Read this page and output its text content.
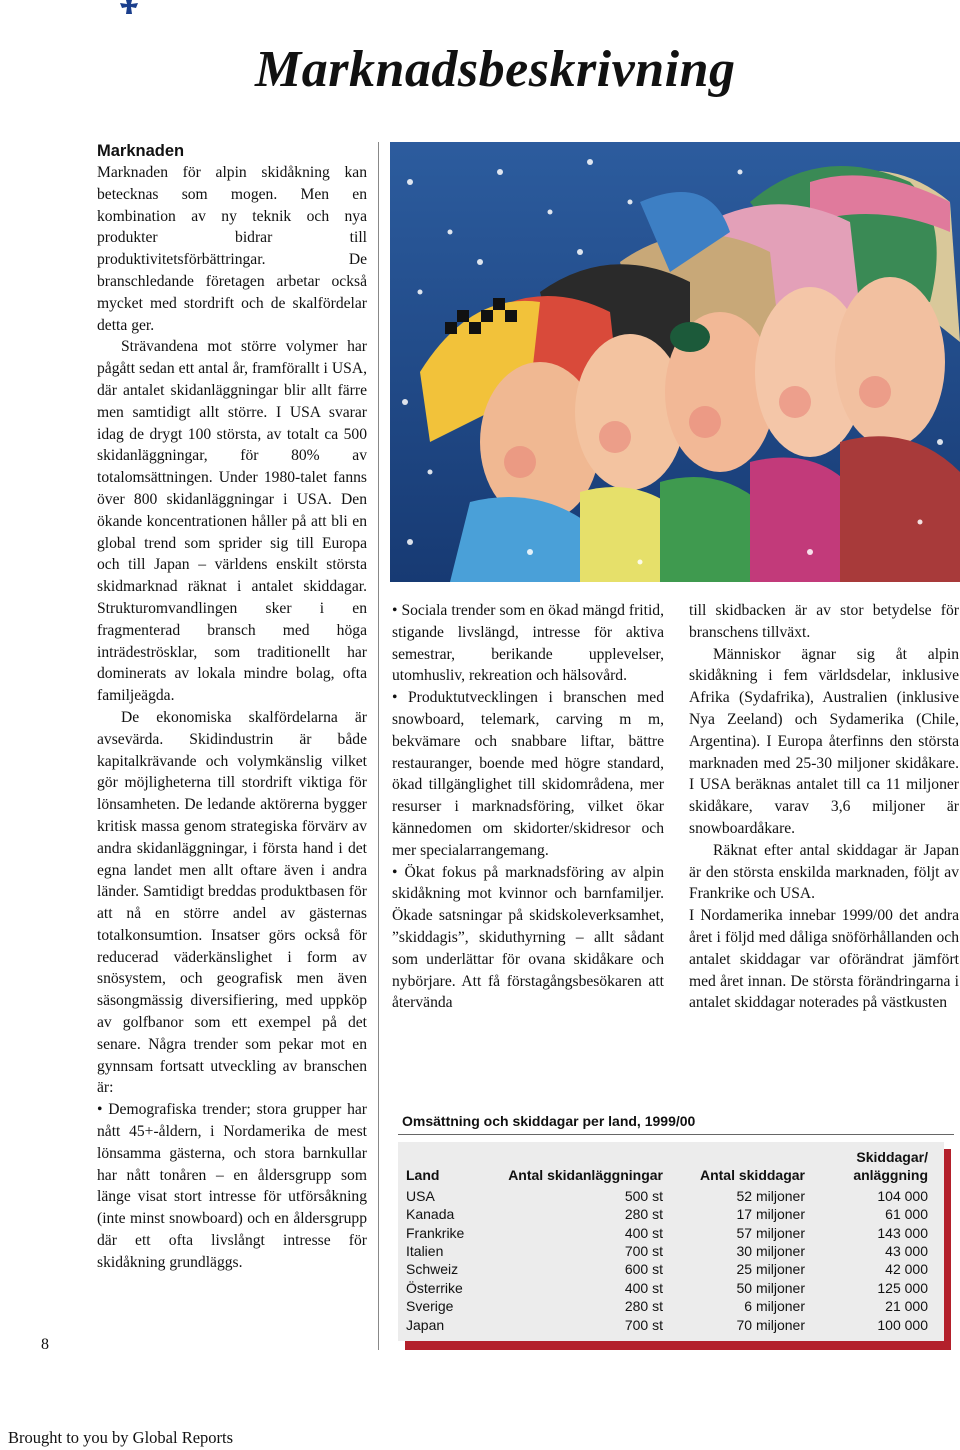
Marknadsbeskrivning
Marknaden

Marknaden för alpin skidåkning kan betecknas som mogen. Men en kombination av ny teknik och nya produkter bidrar till produktivitetsförbättringar. De branschledande företagen arbetar också mycket med stordrift och de skalfördelar detta ger.

Strävandena mot större volymer har pågått sedan ett antal år, framförallt i USA, där antalet skidanläggningar blir allt färre men samtidigt allt större. I USA svarar idag de drygt 100 största, av totalt ca 500 skidanläggningar, för 80% av totalomsättningen. Under 1980-talet fanns över 800 skidanläggningar i USA. Den ökande koncentrationen håller på att bli en global trend som sprider sig till Europa och till Japan – världens enskilt största skidmarknad räknat i antalet skiddagar. Strukturomvandlingen sker i en fragmenterad bransch med höga inträdeströsklar, som traditionellt har dominerats av lokala mindre bolag, ofta familjeägda.

De ekonomiska skalfördelarna är avsevärda. Skidindustrin är både kapitalkrävande och volymkänslig vilket gör möjligheterna till stordrift viktiga för lönsamheten. De ledande aktörerna bygger kritisk massa genom strategiska förvärv av andra skidanläggningar, i första hand i det egna landet men allt oftare även i andra länder. Samtidigt breddas produktbasen för att nå en större andel av gästernas totalkonsumtion. Insatser görs också för reducerad väderkänslighet i form av snösystem, och geografisk men även säsongmässig diversifiering, med uppköp av golfbanor som ett exempel på det senare. Några trender som pekar mot en gynnsam fortsatt utveckling av branschen är:

• Demografiska trender; stora grupper har nått 45+-åldern, i Nordamerika de mest lönsamma gästerna, och stora barnkullar har nått tonåren – en åldersgrupp som länge visat stort intresse för utförsåkning (inte minst snowboard) och en åldersgrupp där ett ofta livslångt intresse för skidåkning grundläggs.

• Sociala trender som en ökad mängd fritid, stigande livslängd, intresse för aktiva semestrar, berikande upplevelser, utomhusliv, rekreation och hälsovård.

• Produktutvecklingen i branschen med snowboard, telemark, carving m m, bekvämare och snabbare liftar, bättre restauranger, boende med högre standard, ökad tillgänglighet till skidområdena, mer resurser i marknadsföring, vilket ökar kännedomen om skidorter/skidresor och mer specialarrangemang.

• Ökat fokus på marknadsföring av alpin skidåkning mot kvinnor och barnfamiljer. Ökade satsningar på skidskoleverksamhet, ”skiddagis”, skiduthyrning – allt sådant som underlättar för ovana skidåkare och nybörjare. Att få förstagångsbesökaren att återvända

till skidbacken är av stor betydelse för branschens tillväxt.

Människor ägnar sig åt alpin skidåkning i fem världsdelar, inklusive Afrika (Sydafrika), Australien (inklusive Nya Zeeland) och Sydamerika (Chile, Argentina). I Europa återfinns den största marknaden med 25-30 miljoner skidåkare. I USA beräknas antalet till ca 11 miljoner skidåkare, varav 3,6 miljoner är snowboardåkare.

Räknat efter antal skiddagar är Japan är den största enskilda marknaden, följt av Frankrike och USA.

I Nordamerika innebar 1999/00 det andra året i följd med dåliga snöförhållanden och antalet skiddagar var oförändrat jämfört med året innan. De största förändringarna i antalet skiddagar noterades på västkusten

Omsättning och skiddagar per land, 1999/00
Land	Antal skidanläggningar	Antal skiddagar	Skiddagar/ anläggning
USA	500 st	52 miljoner	104 000
Kanada	280 st	17 miljoner	61 000
Frankrike	400 st	57 miljoner	143 000
Italien	700 st	30 miljoner	43 000
Schweiz	600 st	25 miljoner	42 000
Österrike	400 st	50 miljoner	125 000
Sverige	280 st	6 miljoner	21 000
Japan	700 st	70 miljoner	100 000
8
Brought to you by Global Reports
